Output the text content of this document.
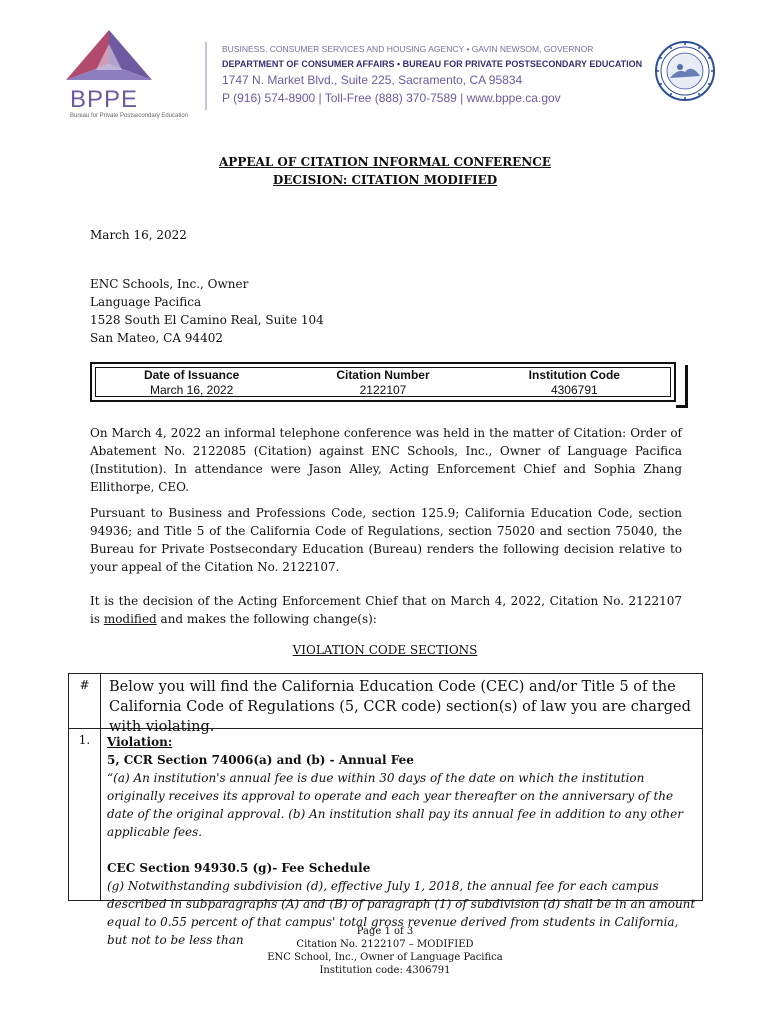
BPPE
Bureau for Private Postsecondary Education
BUSINESS, CONSUMER SERVICES AND HOUSING AGENCY • GAVIN NEWSOM, GOVERNOR
DEPARTMENT OF CONSUMER AFFAIRS • BUREAU FOR PRIVATE POSTSECONDARY EDUCATION
1747 N. Market Blvd., Suite 225, Sacramento, CA 95834
P (916) 574-8900 | Toll-Free (888) 370-7589 | www.bppe.ca.gov
APPEAL OF CITATION INFORMAL CONFERENCE
DECISION: CITATION MODIFIED
March 16, 2022
ENC Schools, Inc., Owner
Language Pacifica
1528 South El Camino Real, Suite 104
San Mateo, CA 94402
Date of Issuance
March 16, 2022
Citation Number
2122107
Institution Code
4306791
On March 4, 2022 an informal telephone conference was held in the matter of Citation: Order of Abatement No. 2122085 (Citation) against ENC Schools, Inc., Owner of Language Pacifica (Institution). In attendance were Jason Alley, Acting Enforcement Chief and Sophia Zhang Ellithorpe, CEO.
Pursuant to Business and Professions Code, section 125.9; California Education Code, section 94936; and Title 5 of the California Code of Regulations, section 75020 and section 75040, the Bureau for Private Postsecondary Education (Bureau) renders the following decision relative to your appeal of the Citation No. 2122107.
It is the decision of the Acting Enforcement Chief that on March 4, 2022, Citation No. 2122107 is modified and makes the following change(s):
VIOLATION CODE SECTIONS
#	Below you will find the California Education Code (CEC) and/or Title 5 of the California Code of Regulations (5, CCR code) section(s) of law you are charged with violating.
1.	Violation:
5, CCR Section 74006(a) and (b) - Annual Fee
“(a) An institution's annual fee is due within 30 days of the date on which the institution originally receives its approval to operate and each year thereafter on the anniversary of the date of the original approval. (b) An institution shall pay its annual fee in addition to any other applicable fees.
CEC Section 94930.5 (g)- Fee Schedule
(g) Notwithstanding subdivision (d), effective July 1, 2018, the annual fee for each campus described in subparagraphs (A) and (B) of paragraph (1) of subdivision (d) shall be in an amount equal to 0.55 percent of that campus' total gross revenue derived from students in California, but not to be less than
Page 1 of 3
Citation No. 2122107 – MODIFIED
ENC School, Inc., Owner of Language Pacifica
Institution code: 4306791
